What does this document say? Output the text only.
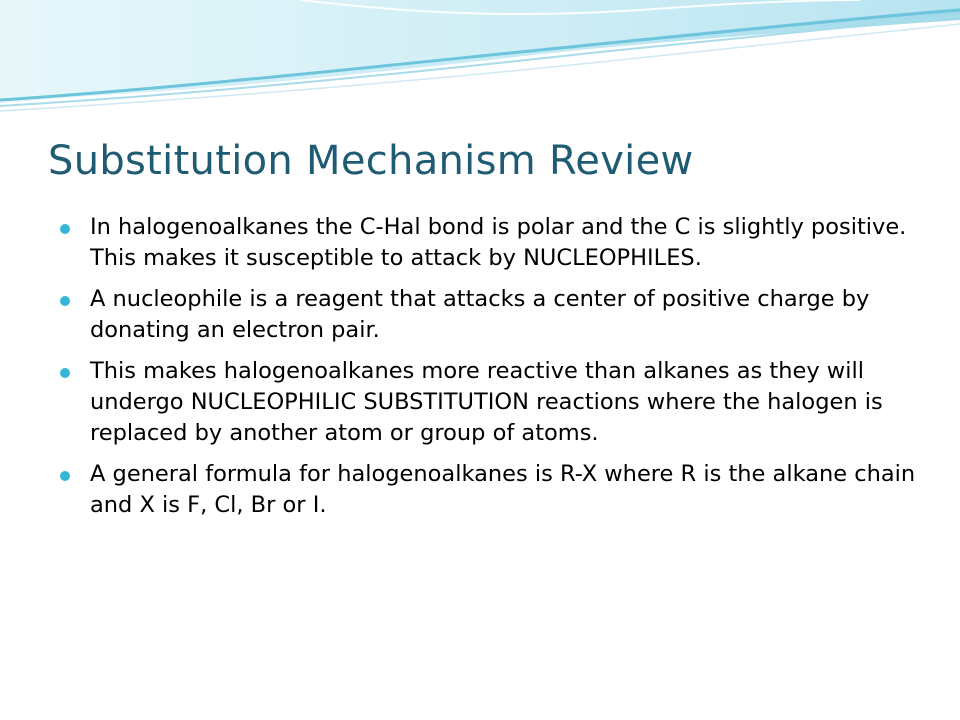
Substitution Mechanism Review
In halogenoalkanes the C-Hal bond is polar and the C is slightly positive. This makes it susceptible to attack by NUCLEOPHILES.
A nucleophile is a reagent that attacks a center of positive charge by donating an electron pair.
This makes halogenoalkanes more reactive than alkanes as they will undergo NUCLEOPHILIC SUBSTITUTION reactions where the halogen is replaced by another atom or group of atoms.
A general formula for halogenoalkanes is R-X where R is the alkane chain and X is F, Cl, Br or I.
